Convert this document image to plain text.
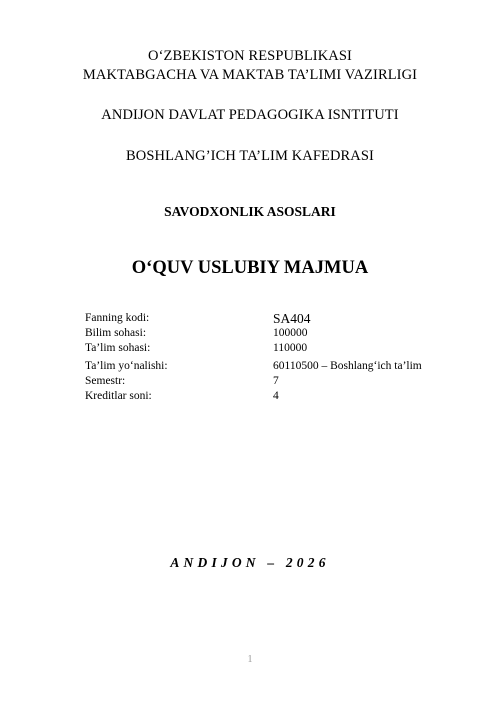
O‘ZBEKISTON RESPUBLIKASI
MAKTABGACHA VA MAKTAB TA’LIMI VAZIRLIGI
ANDIJON DAVLAT PEDAGOGIKA ISNTITUTI
BOSHLANG’ICH TA’LIM KAFEDRASI
SAVODXONLIK ASOSLARI
O‘QUV USLUBIY MAJMUA
Fanning kodi:	SA404
Bilim sohasi:	100000
Ta’lim sohasi:	110000
Ta’lim yo‘nalishi:	60110500 – Boshlang‘ich ta’lim
Semestr:	7
Kreditlar soni:	4
ANDIJON – 2026
1
